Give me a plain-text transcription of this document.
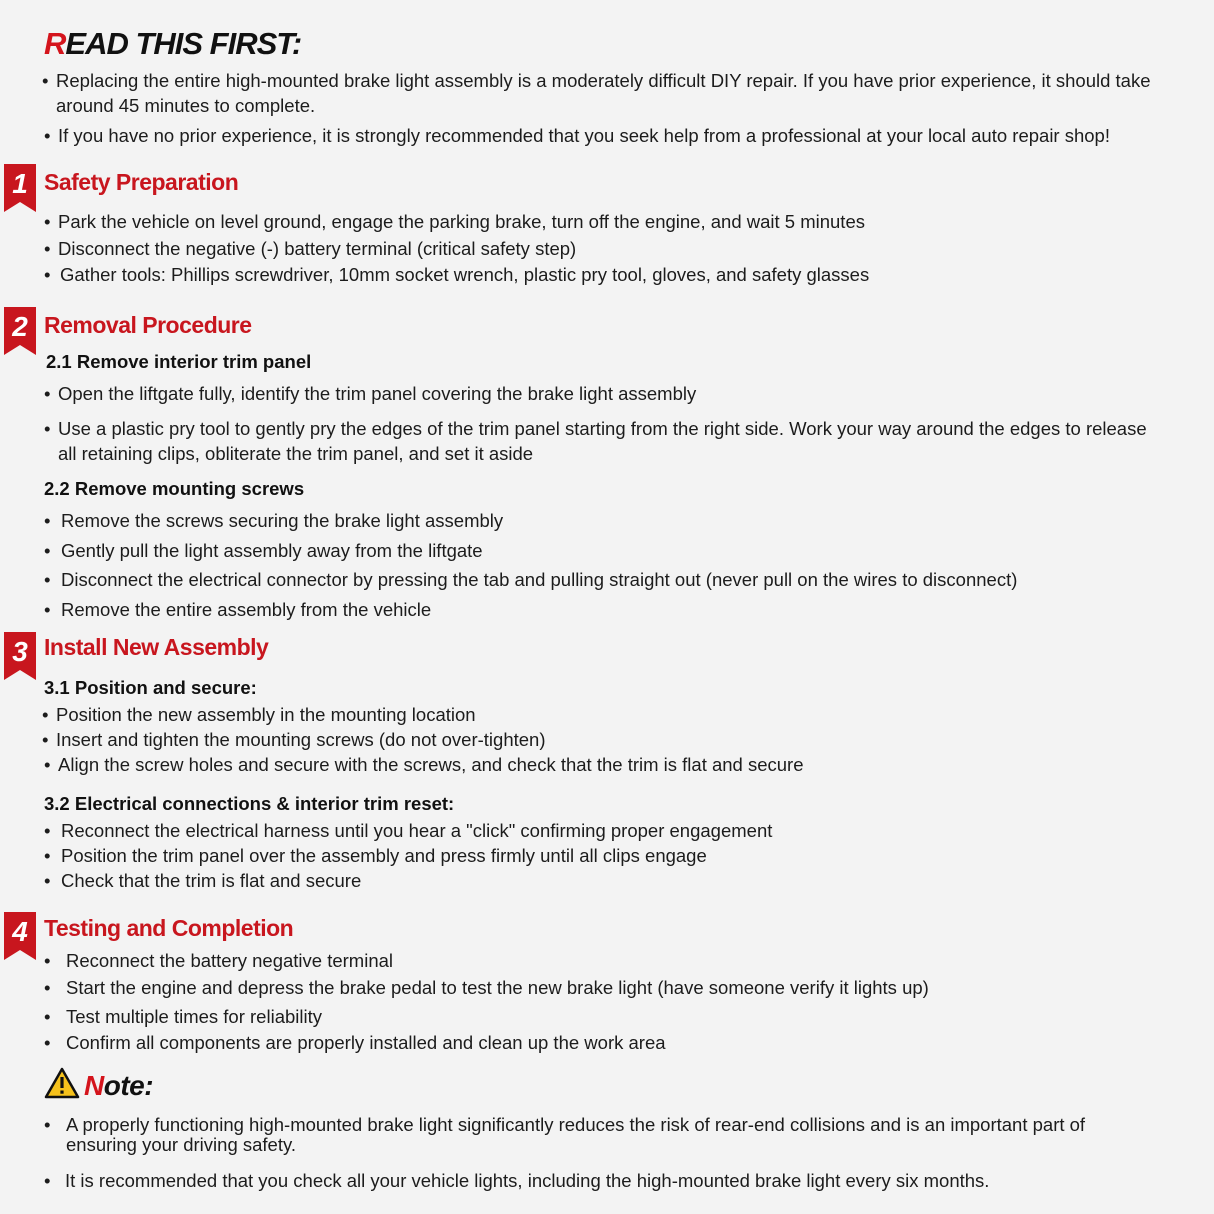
READ THIS FIRST:
• Replacing the entire high-mounted brake light assembly is a moderately difficult DIY repair. If you have prior experience, it should take around 45 minutes to complete.
• If you have no prior experience, it is strongly recommended that you seek help from a professional at your local auto repair shop!
1 Safety Preparation
• Park the vehicle on level ground, engage the parking brake, turn off the engine, and wait 5 minutes
• Disconnect the negative (-) battery terminal (critical safety step)
• Gather tools: Phillips screwdriver, 10mm socket wrench, plastic pry tool, gloves, and safety glasses
2 Removal Procedure
2.1 Remove interior trim panel
• Open the liftgate fully, identify the trim panel covering the brake light assembly
• Use a plastic pry tool to gently pry the edges of the trim panel starting from the right side. Work your way around the edges to release all retaining clips, obliterate the trim panel, and set it aside
2.2 Remove mounting screws
• Remove the screws securing the brake light assembly
• Gently pull the light assembly away from the liftgate
• Disconnect the electrical connector by pressing the tab and pulling straight out (never pull on the wires to disconnect)
• Remove the entire assembly from the vehicle
3 Install New Assembly
3.1 Position and secure:
• Position the new assembly in the mounting location
• Insert and tighten the mounting screws (do not over-tighten)
• Align the screw holes and secure with the screws, and check that the trim is flat and secure
3.2 Electrical connections & interior trim reset:
• Reconnect the electrical harness until you hear a "click" confirming proper engagement
• Position the trim panel over the assembly and press firmly until all clips engage
• Check that the trim is flat and secure
4 Testing and Completion
• Reconnect the battery negative terminal
• Start the engine and depress the brake pedal to test the new brake light (have someone verify it lights up)
• Test multiple times for reliability
• Confirm all components are properly installed and clean up the work area
Note:
• A properly functioning high-mounted brake light significantly reduces the risk of rear-end collisions and is an important part of ensuring your driving safety.
• It is recommended that you check all your vehicle lights, including the high-mounted brake light every six months.
